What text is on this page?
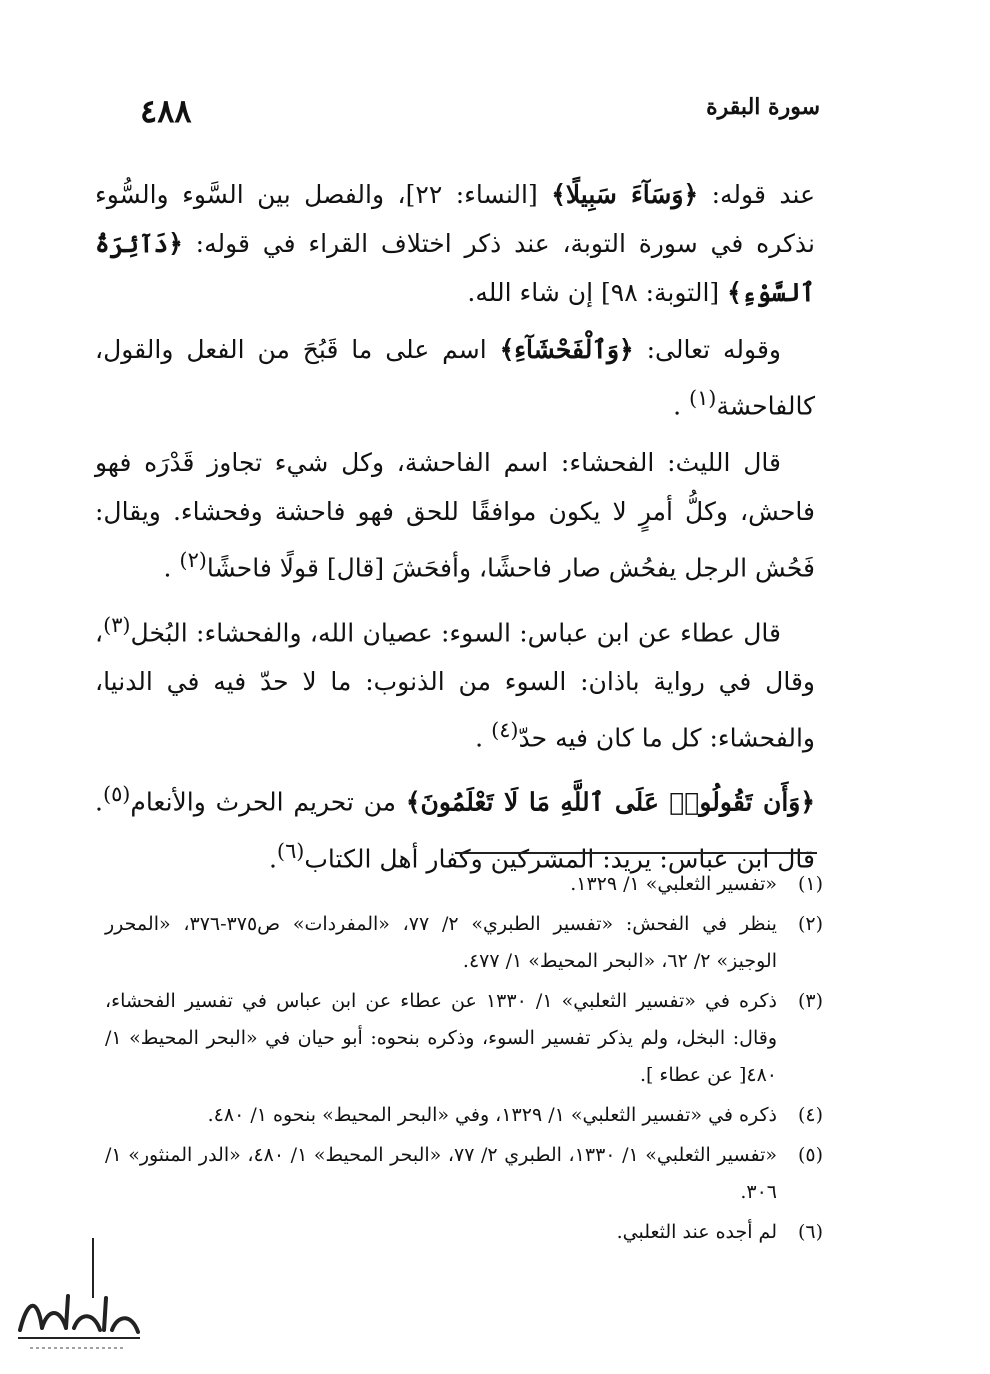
٤٨٨	سورة البقرة

عند قوله: ﴿وَسَآءَ سَبِيلًا﴾ [النساء: ٢٢]، والفصل بين السَّوء والسُّوء نذكره في سورة التوبة، عند ذكر اختلاف القراء في قوله: ﴿دَآئِرَةُ ٱلسَّوْءِ﴾ [التوبة: ٩٨] إن شاء الله.

وقوله تعالى: ﴿وَٱلْفَحْشَآءِ﴾ اسم على ما قَبُحَ من الفعل والقول، كالفاحشة$^{(١)}$ .

قال الليث: الفحشاء: اسم الفاحشة، وكل شيء تجاوز قَدْرَه فهو فاحش، وكلُّ أمرٍ لا يكون موافقًا للحق فهو فاحشة وفحشاء. ويقال: فَحُش الرجل يفحُش صار فاحشًا، وأفحَشَ [قال] قولًا فاحشًا$^{(٢)}$ .

قال عطاء عن ابن عباس: السوء: عصيان الله، والفحشاء: البُخل$^{(٣)}$، وقال في رواية باذان: السوء من الذنوب: ما لا حدّ فيه في الدنيا، والفحشاء: كل ما كان فيه حدّ$^{(٤)}$ .

﴿وَأَن تَقُولُوا۟ عَلَى ٱللَّهِ مَا لَا تَعْلَمُونَ﴾ من تحريم الحرث والأنعام$^{(٥)}$. قال ابن عباس: يريد: المشركين وكفار أهل الكتاب$^{(٦)}$.

(١)
«تفسير الثعلبي» ١/ ١٣٢٩.
(٢)
ينظر في الفحش: «تفسير الطبري» ٢/ ٧٧، «المفردات» ص٣٧٥-٣٧٦، «المحرر الوجيز» ٢/ ٦٢، «البحر المحيط» ١/ ٤٧٧.
(٣)
ذكره في «تفسير الثعلبي» ١/ ١٣٣٠ عن عطاء عن ابن عباس في تفسير الفحشاء، وقال: البخل، ولم يذكر تفسير السوء، وذكره بنحوه: أبو حيان في «البحر المحيط» ١/ ٤٨٠[ عن عطاء ].
(٤)
ذكره في «تفسير الثعلبي» ١/ ١٣٢٩، وفي «البحر المحيط» بنحوه ١/ ٤٨٠.
(٥)
«تفسير الثعلبي» ١/ ١٣٣٠، الطبري ٢/ ٧٧، «البحر المحيط» ١/ ٤٨٠، «الدر المنثور» ١/ ٣٠٦.
(٦)
لم أجده عند الثعلبي.
